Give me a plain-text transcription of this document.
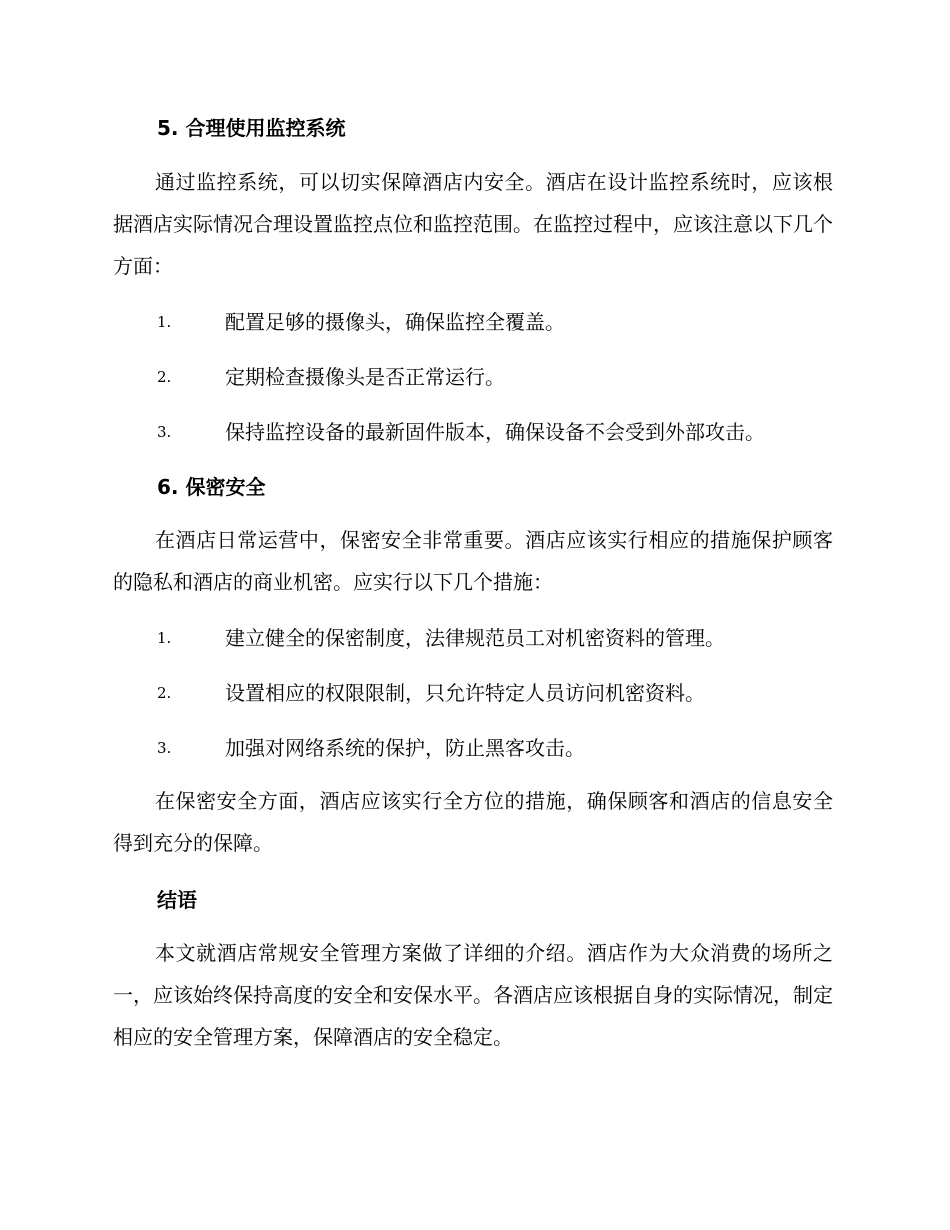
5. 合理使用监控系统

通过监控系统，可以切实保障酒店内安全。酒店在设计监控系统时，应该根据酒店实际情况合理设置监控点位和监控范围。在监控过程中，应该注意以下几个方面：

1.	配置足够的摄像头，确保监控全覆盖。
2.	定期检查摄像头是否正常运行。
3.	保持监控设备的最新固件版本，确保设备不会受到外部攻击。
6. 保密安全

在酒店日常运营中，保密安全非常重要。酒店应该实行相应的措施保护顾客的隐私和酒店的商业机密。应实行以下几个措施：

1.	建立健全的保密制度，法律规范员工对机密资料的管理。
2.	设置相应的权限限制，只允许特定人员访问机密资料。
3.	加强对网络系统的保护，防止黑客攻击。

在保密安全方面，酒店应该实行全方位的措施，确保顾客和酒店的信息安全得到充分的保障。

结语

本文就酒店常规安全管理方案做了详细的介绍。酒店作为大众消费的场所之一，应该始终保持高度的安全和安保水平。各酒店应该根据自身的实际情况，制定相应的安全管理方案，保障酒店的安全稳定。
